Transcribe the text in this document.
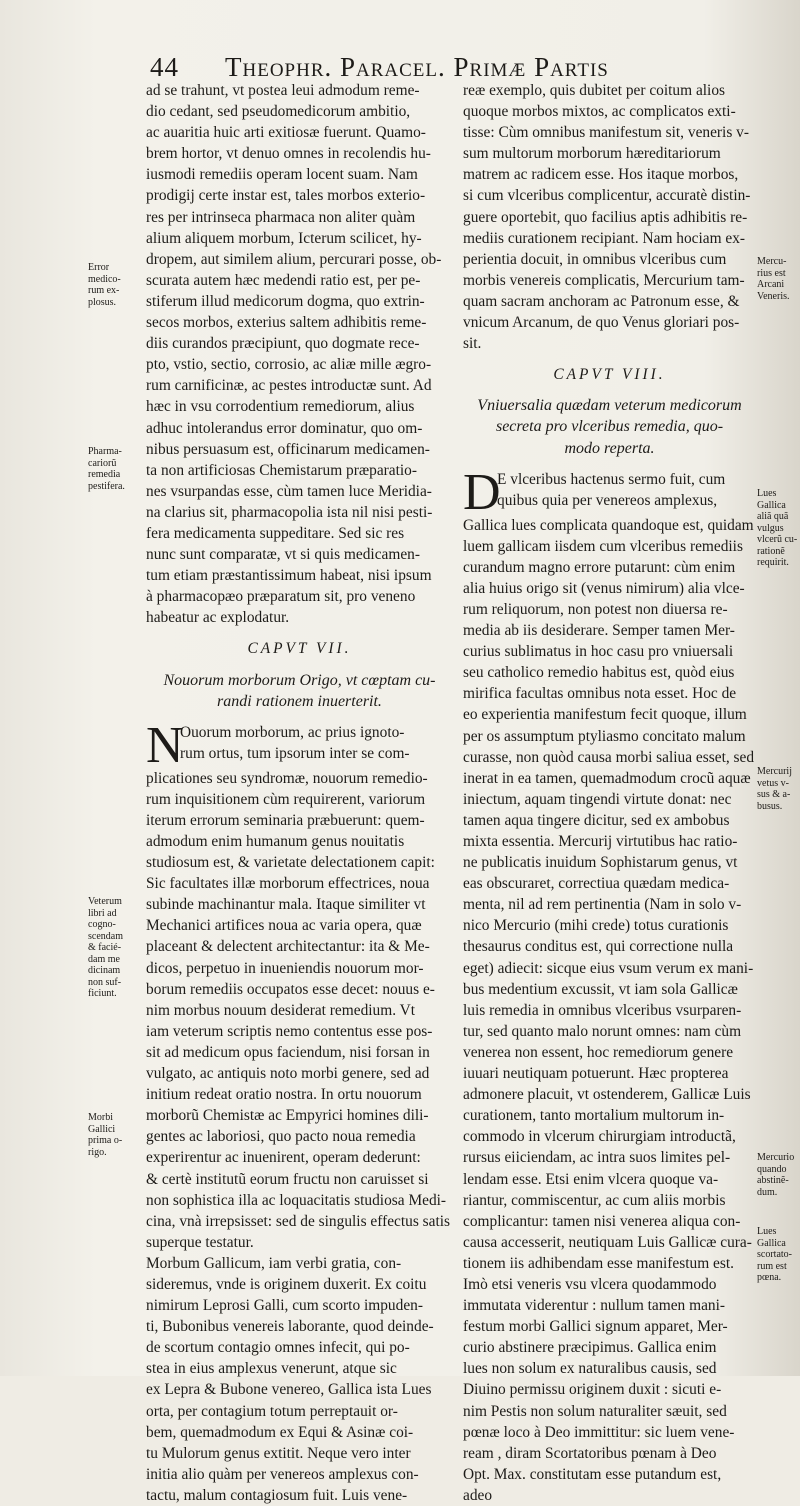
44 Theophr. Paracel. Primæ Partis
ad se trahunt, vt postea leui admodum reme-
dio cedant, sed pseudomedicorum ambitio,
ac auaritia huic arti exitiosæ fuerunt. Quamo-
brem hortor, vt denuo omnes in recolendis hu-
iusmodi remediis operam locent suam. Nam
prodigij certe instar est, tales morbos exterio-
res per intrinseca pharmaca non aliter quàm
alium aliquem morbum, Icterum scilicet, hy-
dropem, aut similem alium, percurari posse, ob-
scurata autem hæc medendi ratio est, per pe-
stiferum illud medicorum dogma, quo extrin-
secos morbos, exterius saltem adhibitis reme-
diis curandos præcipiunt, quo dogmate rece-
pto, vstio, sectio, corrosio, ac aliæ mille ægro-
rum carnificinæ, ac pestes introductæ sunt. Ad
hæc in vsu corrodentium remediorum, alius
adhuc intolerandus error dominatur, quo om-
nibus persuasum est, officinarum medicamen-
ta non artificiosas Chemistarum præparatio-
nes vsurpandas esse, cùm tamen luce Meridia-
na clarius sit, pharmacopolia ista nil nisi pesti-
fera medicamenta suppeditare. Sed sic res
nunc sunt comparatæ, vt si quis medicamen-
tum etiam præstantissimum habeat, nisi ipsum
à pharmacopæo præparatum sit, pro veneno
habeatur ac explodatur.
CAPVT VII.
Nouorum morborum Origo, vt cœptam cu-
randi rationem inuerterit.
N
Ouorum morborum, ac prius ignoto-
rum ortus, tum ipsorum inter se com-
plicationes seu syndromæ, nouorum remedio-
rum inquisitionem cùm requirerent, variorum
iterum errorum seminaria præbuerunt: quem-
admodum enim humanum genus nouitatis
studiosum est, & varietate delectationem capit:
Sic facultates illæ morborum effectrices, noua
subinde machinantur mala. Itaque similiter vt
Mechanici artifices noua ac varia opera, quæ
placeant & delectent architectantur: ita & Me-
dicos, perpetuo in inueniendis nouorum mor-
borum remediis occupatos esse decet: nouus e-
nim morbus nouum desiderat remedium. Vt
iam veterum scriptis nemo contentus esse pos-
sit ad medicum opus faciendum, nisi forsan in
vulgato, ac antiquis noto morbi genere, sed ad
initium redeat oratio nostra. In ortu nouorum
morborũ Chemistæ ac Empyrici homines dili-
gentes ac laboriosi, quo pacto noua remedia
experirentur ac inuenirent, operam dederunt:
& certè institutũ eorum fructu non caruisset si
non sophistica illa ac loquacitatis studiosa Medi-
cina, vnà irrepsisset: sed de singulis effectus satis
superque testatur.
Morbum Gallicum, iam verbi gratia, con-
sideremus, vnde is originem duxerit. Ex coitu
nimirum Leprosi Galli, cum scorto impuden-
ti, Bubonibus venereis laborante, quod deinde-
de scortum contagio omnes infecit, qui po-
stea in eius amplexus venerunt, atque sic
ex Lepra & Bubone venereo, Gallica ista Lues
orta, per contagium totum perreptauit or-
bem, quemadmodum ex Equi & Asinæ coi-
tu Mulorum genus extitit. Neque vero inter
initia alio quàm per venereos amplexus con-
tactu, malum contagiosum fuit. Luis vene-
reæ exemplo, quis dubitet per coitum alios
quoque morbos mixtos, ac complicatos exti-
tisse: Cùm omnibus manifestum sit, veneris v-
sum multorum morborum hæreditariorum
matrem ac radicem esse. Hos itaque morbos,
si cum vlceribus complicentur, accuratè distin-
guere oportebit, quo facilius aptis adhibitis re-
mediis curationem recipiant. Nam hociam ex-
perientia docuit, in omnibus vlceribus cum
morbis venereis complicatis, Mercurium tam-
quam sacram anchoram ac Patronum esse, &
vnicum Arcanum, de quo Venus gloriari pos-
sit.
CAPVT VIII.
Vniuersalia quædam veterum medicorum
secreta pro vlceribus remedia, quo-
modo reperta.
D
E vlceribus hactenus sermo fuit, cum
quibus quia per venereos amplexus,
Gallica lues complicata quandoque est, quidam
luem gallicam iisdem cum vlceribus remediis
curandum magno errore putarunt: cùm enim
alia huius origo sit (venus nimirum) alia vlce-
rum reliquorum, non potest non diuersa re-
media ab iis desiderare. Semper tamen Mer-
curius sublimatus in hoc casu pro vniuersali
seu catholico remedio habitus est, quòd eius
mirifica facultas omnibus nota esset. Hoc de
eo experientia manifestum fecit quoque, illum
per os assumptum ptyliasmo concitato malum
curasse, non quòd causa morbi saliua esset, sed
inerat in ea tamen, quemadmodum crocũ aquæ
iniectum, aquam tingendi virtute donat: nec
tamen aqua tingere dicitur, sed ex ambobus
mixta essentia. Mercurij virtutibus hac ratio-
ne publicatis inuidum Sophistarum genus, vt
eas obscuraret, correctiua quædam medica-
menta, nil ad rem pertinentia (Nam in solo v-
nico Mercurio (mihi crede) totus curationis
thesaurus conditus est, qui correctione nulla
eget) adiecit: sicque eius vsum verum ex mani-
bus medentium excussit, vt iam sola Gallicæ
luis remedia in omnibus vlceribus vsurparen-
tur, sed quanto malo norunt omnes: nam cùm
venerea non essent, hoc remediorum genere
iuuari neutiquam potuerunt. Hæc propterea
admonere placuit, vt ostenderem, Gallicæ Luis
curationem, tanto mortalium multorum in-
commodo in vlcerum chirurgiam introductã,
rursus eiiciendam, ac intra suos limites pel-
lendam esse. Etsi enim vlcera quoque va-
riantur, commiscentur, ac cum aliis morbis
complicantur: tamen nisi venerea aliqua con-
causa accesserit, neutiquam Luis Gallicæ cura-
tionem iis adhibendam esse manifestum est.
Imò etsi veneris vsu vlcera quodammodo
immutata viderentur : nullum tamen mani-
festum morbi Gallici signum apparet, Mer-
curio abstinere præcipimus. Gallica enim
lues non solum ex naturalibus causis, sed
Diuino permissu originem duxit : sicuti e-
nim Pestis non solum naturaliter sæuit, sed
pœnæ loco à Deo immittitur: sic luem vene-
ream , diram Scortatoribus pœnam à Deo
Opt. Max. constitutam esse putandum est,
adeo
Error
medico-
rum ex-
plosus.
Pharma-
cariorũ
remedia
pestifera.
Veterum
libri ad
cogno-
scendam
& facié-
dam me
dicinam
non suf-
ficiunt.
Morbi
Gallici
prima o-
rigo.
Mercu-
rius est
Arcani
Veneris.
Lues
Gallica
aliã quã
vulgus
vlcerũ cu-
rationẽ
requirit.
Mercurij
vetus v-
sus & a-
busus.
Mercurio
quando
abstinẽ-
dum.
Lues
Gallica
scortato-
rum est
pœna.
